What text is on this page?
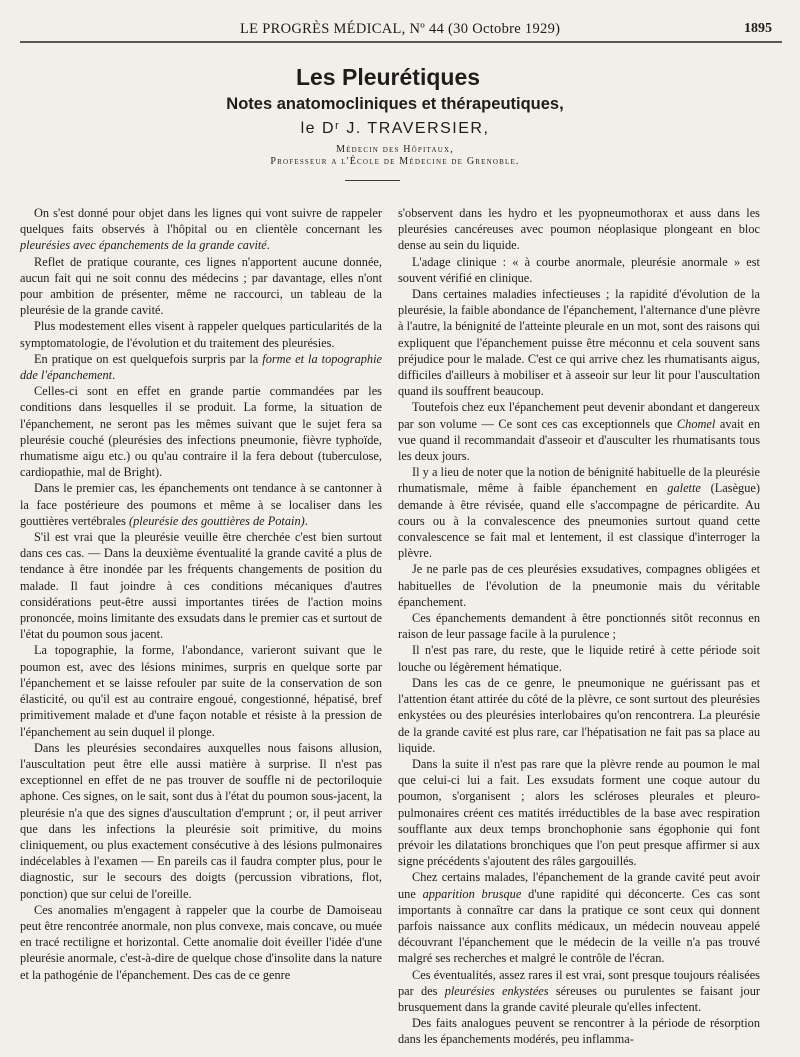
LE PROGRÈS MÉDICAL, Nº 44 (30 Octobre 1929)	1895
Les Pleurétiques
Notes anatomocliniques et thérapeutiques,
le Dʳ J. TRAVERSIER,
Médecin des Hôpitaux,
Professeur a l'École de Médecine de Grenoble.

On s'est donné pour objet dans les lignes qui vont suivre de rappeler quelques faits observés à l'hôpital ou en clientèle concernant les pleurésies avec épanchements de la grande cavité.

Reflet de pratique courante, ces lignes n'apportent aucune donnée, aucun fait qui ne soit connu des médecins ; par davantage, elles n'ont pour ambition de présenter, même ne raccourci, un tableau de la pleurésie de la grande cavité.

Plus modestement elles visent à rappeler quelques particularités de la symptomatologie, de l'évolution et du traitement des pleurésies.

En pratique on est quelquefois surpris par la forme et la topographie dde l'épanchement.

Celles-ci sont en effet en grande partie commandées par les conditions dans lesquelles il se produit. La forme, la situation de l'épanchement, ne seront pas les mêmes suivant que le sujet fera sa pleurésie couché (pleurésies des infections pneumonie, fièvre typhoïde, rhumatisme aigu etc.) ou qu'au contraire il la fera debout (tuberculose, cardiopathie, mal de Bright).

Dans le premier cas, les épanchements ont tendance à se cantonner à la face postérieure des poumons et même à se localiser dans les gouttières vertébrales (pleurésie des gouttières de Potain).

S'il est vrai que la pleurésie veuille être cherchée c'est bien surtout dans ces cas. — Dans la deuxième éventualité la grande cavité a plus de tendance à être inondée par les fréquents changements de position du malade. Il faut joindre à ces conditions mécaniques d'autres considérations peut-être aussi importantes tirées de l'action moins prononcée, moins limitante des exsudats dans le premier cas et surtout de l'état du poumon sous jacent.

La topographie, la forme, l'abondance, varieront suivant que le poumon est, avec des lésions minimes, surpris en quelque sorte par l'épanchement et se laisse refouler par suite de la conservation de son élasticité, ou qu'il est au contraire engoué, congestionné, hépatisé, bref primitivement malade et d'une façon notable et résiste à la pression de l'épanchement au sein duquel il plonge.

Dans les pleurésies secondaires auxquelles nous faisons allusion, l'auscultation peut être elle aussi matière à surprise. Il n'est pas exceptionnel en effet de ne pas trouver de souffle ni de pectoriloquie aphone. Ces signes, on le sait, sont dus à l'état du poumon sous-jacent, la pleurésie n'a que des signes d'auscultation d'emprunt ; or, il peut arriver que dans les infections la pleurésie soit primitive, du moins cliniquement, ou plus exactement consécutive à des lésions pulmonaires indécelables à l'examen — En pareils cas il faudra compter plus, pour le diagnostic, sur le secours des doigts (percussion vibrations, flot, ponction) que sur celui de l'oreille.

Ces anomalies m'engagent à rappeler que la courbe de Damoiseau peut être rencontrée anormale, non plus convexe, mais concave, ou muée en tracé rectiligne et horizontal. Cette anomalie doit éveiller l'idée d'une pleurésie anormale, c'est-à-dire de quelque chose d'insolite dans la nature et la pathogénie de l'épanchement. Des cas de ce genre

s'observent dans les hydro et les pyopneumothorax et auss dans les pleurésies cancéreuses avec poumon néoplasique plongeant en bloc dense au sein du liquide.

L'adage clinique : « à courbe anormale, pleurésie anormale » est souvent vérifié en clinique.

Dans certaines maladies infectieuses ; la rapidité d'évolution de la pleurésie, la faible abondance de l'épanchement, l'alternance d'une plèvre à l'autre, la bénignité de l'atteinte pleurale en un mot, sont des raisons qui expliquent que l'épanchement puisse être méconnu et cela souvent sans préjudice pour le malade. C'est ce qui arrive chez les rhumatisants aigus, difficiles d'ailleurs à mobiliser et à asseoir sur leur lit pour l'auscultation quand ils souffrent beaucoup.

Toutefois chez eux l'épanchement peut devenir abondant et dangereux par son volume — Ce sont ces cas exceptionnels que Chomel avait en vue quand il recommandait d'asseoir et d'ausculter les rhumatisants tous les deux jours.

Il y a lieu de noter que la notion de bénignité habituelle de la pleurésie rhumatismale, même à faible épanchement en galette (Lasègue) demande à être révisée, quand elle s'accompagne de péricardite. Au cours ou à la convalescence des pneumonies surtout quand cette convalescence se fait mal et lentement, il est classique d'interroger la plèvre.

Je ne parle pas de ces pleurésies exsudatives, compagnes obligées et habituelles de l'évolution de la pneumonie mais du véritable épanchement.

Ces épanchements demandent à être ponctionnés sitôt reconnus en raison de leur passage facile à la purulence ;

Il n'est pas rare, du reste, que le liquide retiré à cette période soit louche ou légèrement hématique.

Dans les cas de ce genre, le pneumonique ne guérissant pas et l'attention étant attirée du côté de la plèvre, ce sont surtout des pleurésies enkystées ou des pleurésies interlobaires qu'on rencontrera. La pleurésie de la grande cavité est plus rare, car l'hépatisation ne fait pas sa place au liquide.

Dans la suite il n'est pas rare que la plèvre rende au poumon le mal que celui-ci lui a fait. Les exsudats forment une coque autour du poumon, s'organisent ; alors les scléroses pleurales et pleuro-pulmonaires créent ces matités irréductibles de la base avec respiration soufflante aux deux temps bronchophonie sans égophonie qui font prévoir les dilatations bronchiques que l'on peut presque affirmer si aux signe précédents s'ajoutent des râles gargouillés.

Chez certains malades, l'épanchement de la grande cavité peut avoir une apparition brusque d'une rapidité qui déconcerte. Ces cas sont importants à connaître car dans la pratique ce sont ceux qui donnent parfois naissance aux conflits médicaux, un médecin nouveau appelé découvrant l'épanchement que le médecin de la veille n'a pas trouvé malgré ses recherches et malgré le contrôle de l'écran.

Ces éventualités, assez rares il est vrai, sont presque toujours réalisées par des pleurésies enkystées séreuses ou purulentes se faisant jour brusquement dans la grande cavité pleurale qu'elles infectent.

Des faits analogues peuvent se rencontrer à la période de résorption dans les épanchements modérés, peu inflamma-
